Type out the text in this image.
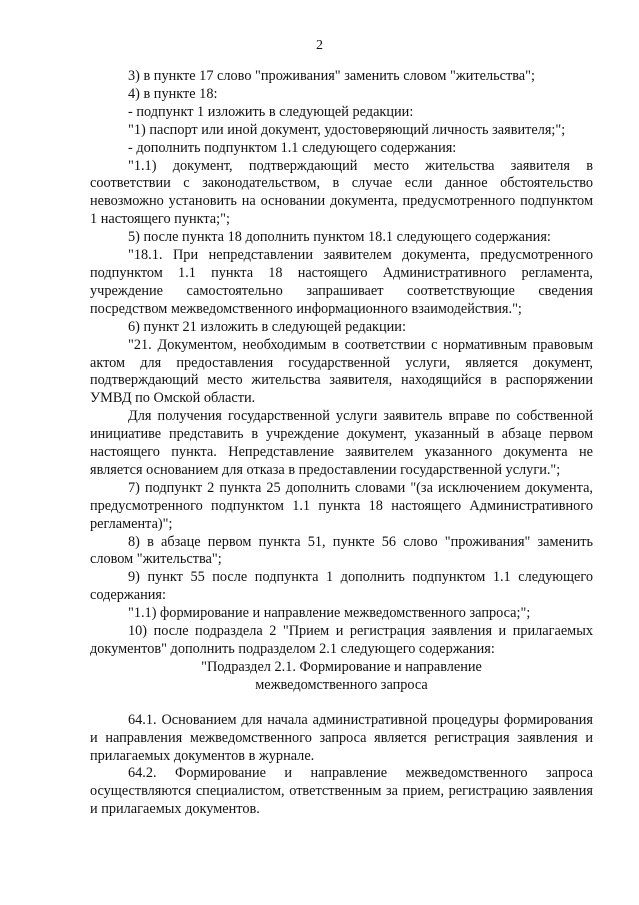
2

3) в пункте 17 слово "проживания" заменить словом "жительства";

4) в пункте 18:

- подпункт 1 изложить в следующей редакции:

"1) паспорт или иной документ, удостоверяющий личность заявителя;";

- дополнить подпунктом 1.1 следующего содержания:

"1.1) документ, подтверждающий место жительства заявителя в соответствии с законодательством, в случае если данное обстоятельство невозможно установить на основании документа, предусмотренного подпунктом 1 настоящего пункта;";

5) после пункта 18 дополнить пунктом 18.1 следующего содержания:

"18.1. При непредставлении заявителем документа, предусмотренного подпунктом 1.1 пункта 18 настоящего Административного регламента, учреждение самостоятельно запрашивает соответствующие сведения посредством межведомственного информационного взаимодействия.";

6) пункт 21 изложить в следующей редакции:

"21. Документом, необходимым в соответствии с нормативным правовым актом для предоставления государственной услуги, является документ, подтверждающий место жительства заявителя, находящийся в распоряжении УМВД по Омской области.

Для получения государственной услуги заявитель вправе по собственной инициативе представить в учреждение документ, указанный в абзаце первом настоящего пункта. Непредставление заявителем указанного документа не является основанием для отказа в предоставлении государственной услуги.";

7) подпункт 2 пункта 25 дополнить словами "(за исключением документа, предусмотренного подпунктом 1.1 пункта 18 настоящего Административного регламента)";

8) в абзаце первом пункта 51, пункте 56 слово "проживания" заменить словом "жительства";

9) пункт 55 после подпункта 1 дополнить подпунктом 1.1 следующего содержания:

"1.1) формирование и направление межведомственного запроса;";

10) после подраздела 2 "Прием и регистрация заявления и прилагаемых документов" дополнить подразделом 2.1 следующего содержания:

"Подраздел 2.1. Формирование и направление

межведомственного запроса

64.1. Основанием для начала административной процедуры формирования и направления межведомственного запроса является регистрация заявления и прилагаемых документов в журнале.

64.2. Формирование и направление межведомственного запроса осуществляются специалистом, ответственным за прием, регистрацию заявления и прилагаемых документов.
